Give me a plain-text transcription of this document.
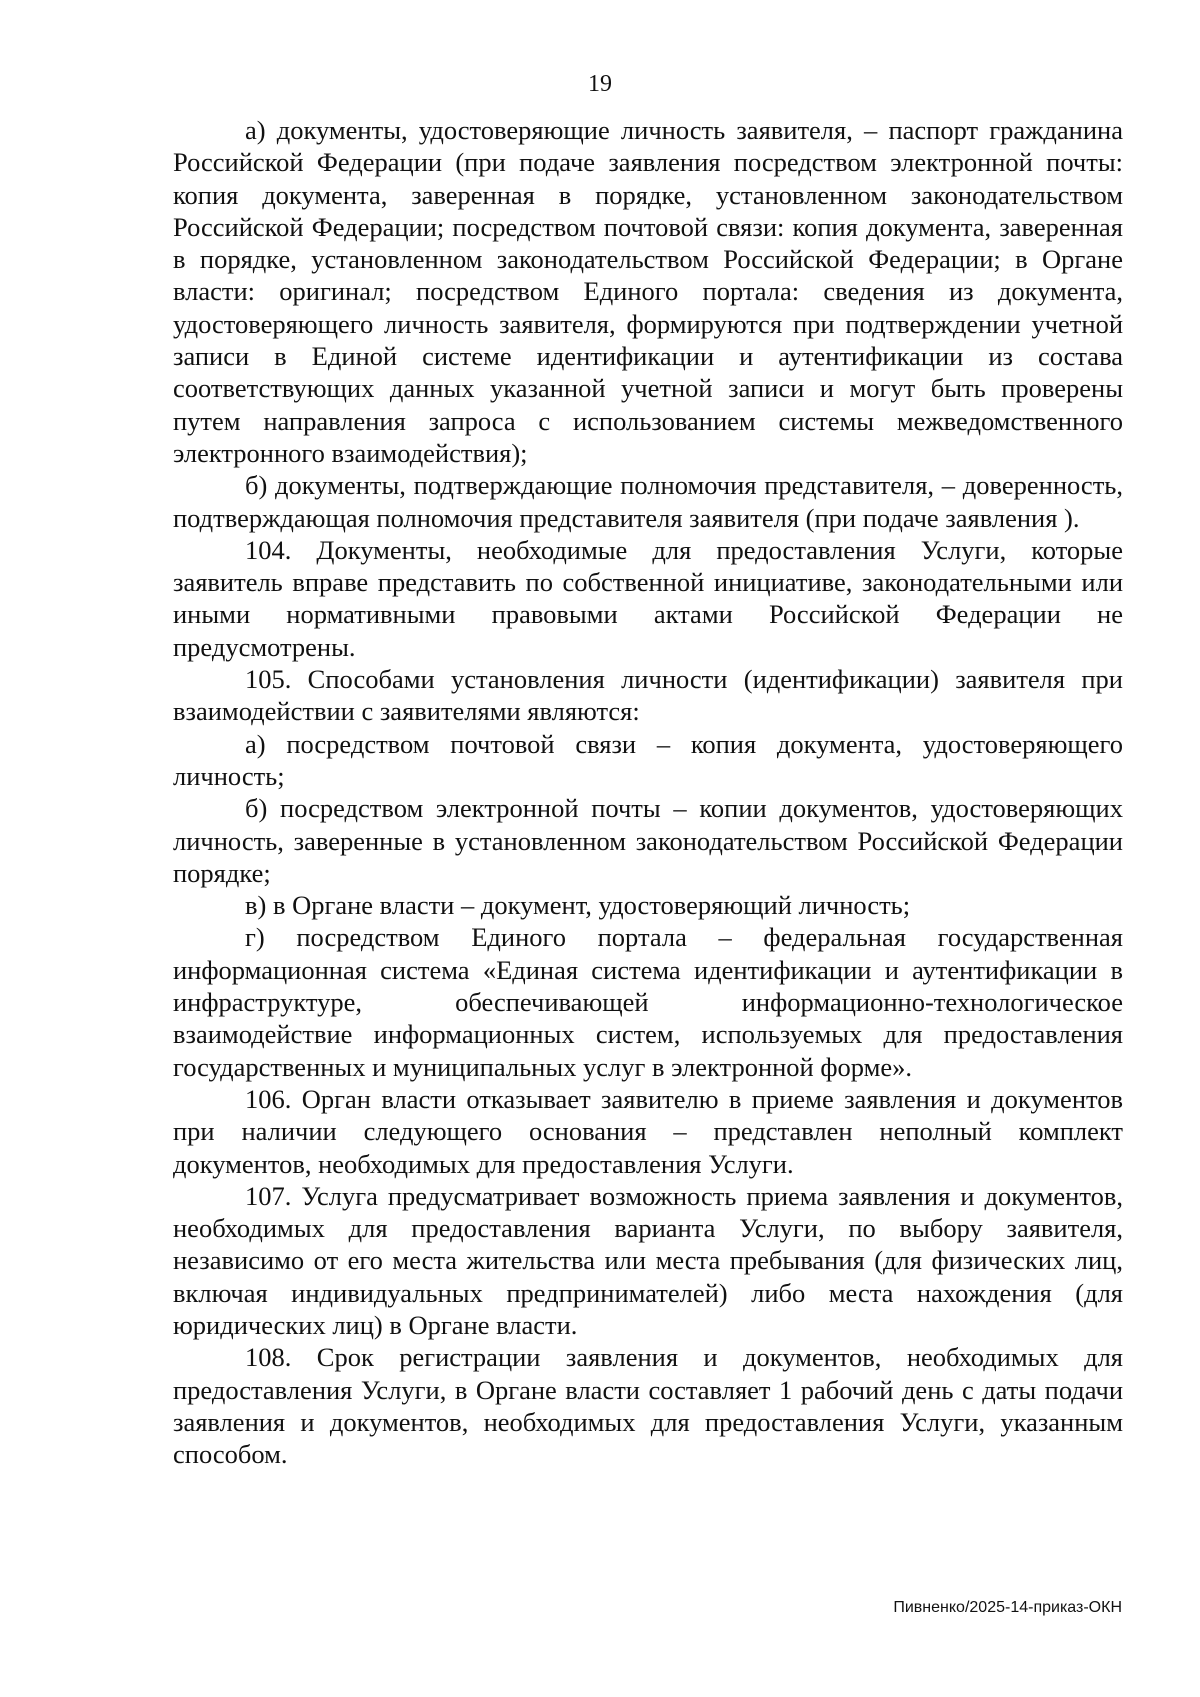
19

а) документы, удостоверяющие личность заявителя, – паспорт гражданина Российской Федерации (при подаче заявления посредством электронной почты: копия документа, заверенная в порядке, установленном законодательством Российской Федерации; посредством почтовой связи: копия документа, заверенная в порядке, установленном законодательством Российской Федерации; в Органе власти: оригинал; посредством Единого портала: сведения из документа, удостоверяющего личность заявителя, формируются при подтверждении учетной записи в Единой системе идентификации и аутентификации из состава соответствующих данных указанной учетной записи и могут быть проверены путем направления запроса с использованием системы межведомственного электронного взаимодействия);

б) документы, подтверждающие полномочия представителя, – доверенность, подтверждающая полномочия представителя заявителя (при подаче заявления ).

104. Документы, необходимые для предоставления Услуги, которые заявитель вправе представить по собственной инициативе, законодательными или иными нормативными правовыми актами Российской Федерации не предусмотрены.

105. Способами установления личности (идентификации) заявителя при взаимодействии с заявителями являются:

а) посредством почтовой связи – копия документа, удостоверяющего личность;

б) посредством электронной почты – копии документов, удостоверяющих личность, заверенные в установленном законодательством Российской Федерации порядке;

в) в Органе власти – документ, удостоверяющий личность;

г) посредством Единого портала – федеральная государственная информационная система «Единая система идентификации и аутентификации в инфраструктуре, обеспечивающей информационно-технологическое взаимодействие информационных систем, используемых для предоставления государственных и муниципальных услуг в электронной форме».

106. Орган власти отказывает заявителю в приеме заявления и документов при наличии следующего основания – представлен неполный комплект документов, необходимых для предоставления Услуги.

107. Услуга предусматривает возможность приема заявления и документов, необходимых для предоставления варианта Услуги, по выбору заявителя, независимо от его места жительства или места пребывания (для физических лиц, включая индивидуальных предпринимателей) либо места нахождения (для юридических лиц) в Органе власти.

108. Срок регистрации заявления и документов, необходимых для предоставления Услуги, в Органе власти составляет 1 рабочий день с даты подачи заявления и документов, необходимых для предоставления Услуги, указанным способом.

Пивненко/2025-14-приказ-ОКН
